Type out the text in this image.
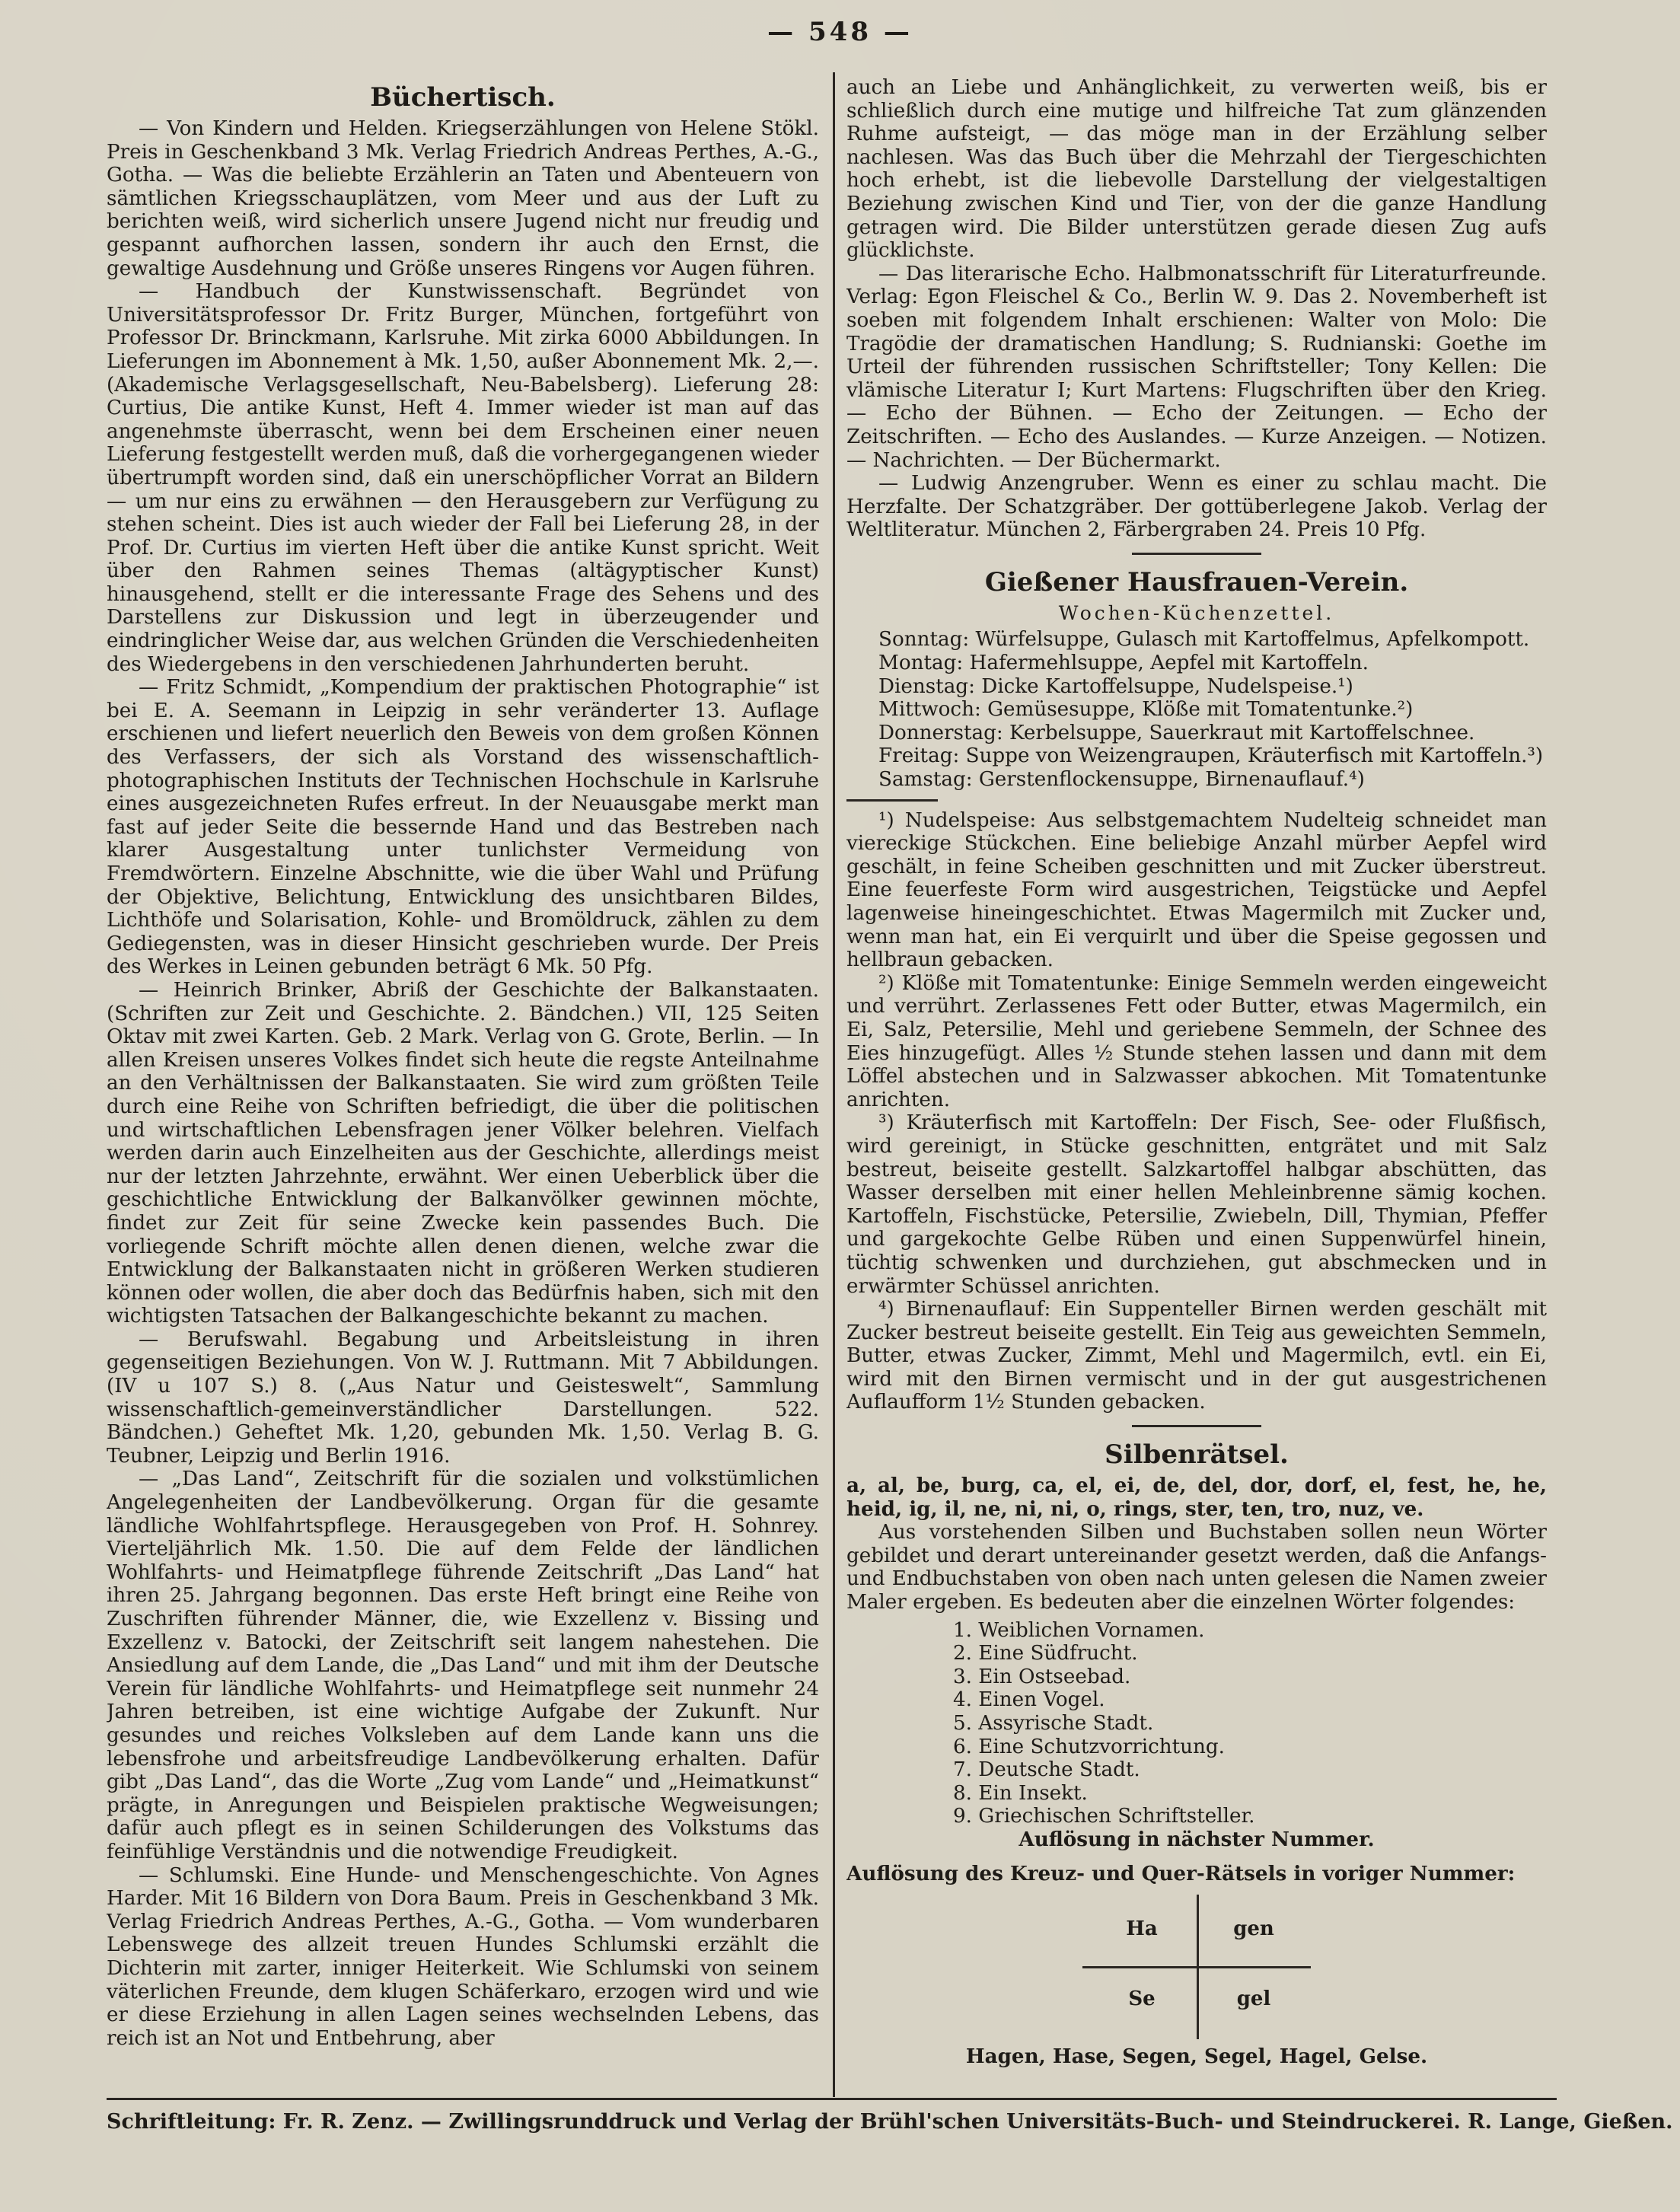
— 548 —
Büchertisch.

— Von Kindern und Helden. Kriegserzählungen von Helene Stökl. Preis in Geschenkband 3 Mk. Verlag Friedrich Andreas Perthes, A.-G., Gotha. — Was die beliebte Erzählerin an Taten und Abenteuern von sämtlichen Kriegsschauplätzen, vom Meer und aus der Luft zu berichten weiß, wird sicherlich unsere Jugend nicht nur freudig und gespannt aufhorchen lassen, sondern ihr auch den Ernst, die gewaltige Ausdehnung und Größe unseres Ringens vor Augen führen.

— Handbuch der Kunstwissenschaft. Begründet von Universitätsprofessor Dr. Fritz Burger, München, fortgeführt von Professor Dr. Brinckmann, Karlsruhe. Mit zirka 6000 Abbildungen. In Lieferungen im Abonnement à Mk. 1,50, außer Abonnement Mk. 2,—. (Akademische Verlagsgesellschaft, Neu-Babelsberg). Lieferung 28: Curtius, Die antike Kunst, Heft 4. Immer wieder ist man auf das angenehmste überrascht, wenn bei dem Erscheinen einer neuen Lieferung festgestellt werden muß, daß die vorhergegangenen wieder übertrumpft worden sind, daß ein unerschöpflicher Vorrat an Bildern — um nur eins zu erwähnen — den Herausgebern zur Verfügung zu stehen scheint. Dies ist auch wieder der Fall bei Lieferung 28, in der Prof. Dr. Curtius im vierten Heft über die antike Kunst spricht. Weit über den Rahmen seines Themas (altägyptischer Kunst) hinausgehend, stellt er die interessante Frage des Sehens und des Darstellens zur Diskussion und legt in überzeugender und eindringlicher Weise dar, aus welchen Gründen die Verschiedenheiten des Wiedergebens in den verschiedenen Jahrhunderten beruht.

— Fritz Schmidt, „Kompendium der praktischen Photographie“ ist bei E. A. Seemann in Leipzig in sehr veränderter 13. Auflage erschienen und liefert neuerlich den Beweis von dem großen Können des Verfassers, der sich als Vorstand des wissenschaftlich-photographischen Instituts der Technischen Hochschule in Karlsruhe eines ausgezeichneten Rufes erfreut. In der Neuausgabe merkt man fast auf jeder Seite die bessernde Hand und das Bestreben nach klarer Ausgestaltung unter tunlichster Vermeidung von Fremdwörtern. Einzelne Abschnitte, wie die über Wahl und Prüfung der Objektive, Belichtung, Entwicklung des unsichtbaren Bildes, Lichthöfe und Solarisation, Kohle- und Bromöldruck, zählen zu dem Gediegensten, was in dieser Hinsicht geschrieben wurde. Der Preis des Werkes in Leinen gebunden beträgt 6 Mk. 50 Pfg.

— Heinrich Brinker, Abriß der Geschichte der Balkanstaaten. (Schriften zur Zeit und Geschichte. 2. Bändchen.) VII, 125 Seiten Oktav mit zwei Karten. Geb. 2 Mark. Verlag von G. Grote, Berlin. — In allen Kreisen unseres Volkes findet sich heute die regste Anteilnahme an den Verhältnissen der Balkanstaaten. Sie wird zum größten Teile durch eine Reihe von Schriften befriedigt, die über die politischen und wirtschaftlichen Lebensfragen jener Völker belehren. Vielfach werden darin auch Einzelheiten aus der Geschichte, allerdings meist nur der letzten Jahrzehnte, erwähnt. Wer einen Ueberblick über die geschichtliche Entwicklung der Balkanvölker gewinnen möchte, findet zur Zeit für seine Zwecke kein passendes Buch. Die vorliegende Schrift möchte allen denen dienen, welche zwar die Entwicklung der Balkanstaaten nicht in größeren Werken studieren können oder wollen, die aber doch das Bedürfnis haben, sich mit den wichtigsten Tatsachen der Balkangeschichte bekannt zu machen.

— Berufswahl. Begabung und Arbeitsleistung in ihren gegenseitigen Beziehungen. Von W. J. Ruttmann. Mit 7 Abbildungen. (IV u 107 S.) 8. („Aus Natur und Geisteswelt“, Sammlung wissenschaftlich-gemeinverständlicher Darstellungen. 522. Bändchen.) Geheftet Mk. 1,20, gebunden Mk. 1,50. Verlag B. G. Teubner, Leipzig und Berlin 1916.

— „Das Land“, Zeitschrift für die sozialen und volkstümlichen Angelegenheiten der Landbevölkerung. Organ für die gesamte ländliche Wohlfahrtspflege. Herausgegeben von Prof. H. Sohnrey. Vierteljährlich Mk. 1.50. Die auf dem Felde der ländlichen Wohlfahrts- und Heimatpflege führende Zeitschrift „Das Land“ hat ihren 25. Jahrgang begonnen. Das erste Heft bringt eine Reihe von Zuschriften führender Männer, die, wie Exzellenz v. Bissing und Exzellenz v. Batocki, der Zeitschrift seit langem nahestehen. Die Ansiedlung auf dem Lande, die „Das Land“ und mit ihm der Deutsche Verein für ländliche Wohlfahrts- und Heimatpflege seit nunmehr 24 Jahren betreiben, ist eine wichtige Aufgabe der Zukunft. Nur gesundes und reiches Volksleben auf dem Lande kann uns die lebensfrohe und arbeitsfreudige Landbevölkerung erhalten. Dafür gibt „Das Land“, das die Worte „Zug vom Lande“ und „Heimatkunst“ prägte, in Anregungen und Beispielen praktische Wegweisungen; dafür auch pflegt es in seinen Schilderungen des Volkstums das feinfühlige Verständnis und die notwendige Freudigkeit.

— Schlumski. Eine Hunde- und Menschengeschichte. Von Agnes Harder. Mit 16 Bildern von Dora Baum. Preis in Geschenkband 3 Mk. Verlag Friedrich Andreas Perthes, A.-G., Gotha. — Vom wunderbaren Lebenswege des allzeit treuen Hundes Schlumski erzählt die Dichterin mit zarter, inniger Heiterkeit. Wie Schlumski von seinem väterlichen Freunde, dem klugen Schäferkaro, erzogen wird und wie er diese Erziehung in allen Lagen seines wechselnden Lebens, das reich ist an Not und Entbehrung, aber

auch an Liebe und Anhänglichkeit, zu verwerten weiß, bis er schließlich durch eine mutige und hilfreiche Tat zum glänzenden Ruhme aufsteigt, — das möge man in der Erzählung selber nachlesen. Was das Buch über die Mehrzahl der Tiergeschichten hoch erhebt, ist die liebevolle Darstellung der vielgestaltigen Beziehung zwischen Kind und Tier, von der die ganze Handlung getragen wird. Die Bilder unterstützen gerade diesen Zug aufs glücklichste.

— Das literarische Echo. Halbmonatsschrift für Literaturfreunde. Verlag: Egon Fleischel & Co., Berlin W. 9. Das 2. Novemberheft ist soeben mit folgendem Inhalt erschienen: Walter von Molo: Die Tragödie der dramatischen Handlung; S. Rudnianski: Goethe im Urteil der führenden russischen Schriftsteller; Tony Kellen: Die vlämische Literatur I; Kurt Martens: Flugschriften über den Krieg. — Echo der Bühnen. — Echo der Zeitungen. — Echo der Zeitschriften. — Echo des Auslandes. — Kurze Anzeigen. — Notizen. — Nachrichten. — Der Büchermarkt.

— Ludwig Anzengruber. Wenn es einer zu schlau macht. Die Herzfalte. Der Schatzgräber. Der gottüberlegene Jakob. Verlag der Weltliteratur. München 2, Färbergraben 24. Preis 10 Pfg.

Gießener Hausfrauen-Verein.
Wochen-Küchenzettel.

Sonntag: Würfelsuppe, Gulasch mit Kartoffelmus, Apfelkompott.

Montag: Hafermehlsuppe, Aepfel mit Kartoffeln.

Dienstag: Dicke Kartoffelsuppe, Nudelspeise.¹)

Mittwoch: Gemüsesuppe, Klöße mit Tomatentunke.²)

Donnerstag: Kerbelsuppe, Sauerkraut mit Kartoffelschnee.

Freitag: Suppe von Weizengraupen, Kräuterfisch mit Kartoffeln.³)

Samstag: Gerstenflockensuppe, Birnenauflauf.⁴)

¹) Nudelspeise: Aus selbstgemachtem Nudelteig schneidet man viereckige Stückchen. Eine beliebige Anzahl mürber Aepfel wird geschält, in feine Scheiben geschnitten und mit Zucker überstreut. Eine feuerfeste Form wird ausgestrichen, Teigstücke und Aepfel lagenweise hineingeschichtet. Etwas Magermilch mit Zucker und, wenn man hat, ein Ei verquirlt und über die Speise gegossen und hellbraun gebacken.

²) Klöße mit Tomatentunke: Einige Semmeln werden eingeweicht und verrührt. Zerlassenes Fett oder Butter, etwas Magermilch, ein Ei, Salz, Petersilie, Mehl und geriebene Semmeln, der Schnee des Eies hinzugefügt. Alles ½ Stunde stehen lassen und dann mit dem Löffel abstechen und in Salzwasser abkochen. Mit Tomatentunke anrichten.

³) Kräuterfisch mit Kartoffeln: Der Fisch, See- oder Flußfisch, wird gereinigt, in Stücke geschnitten, entgrätet und mit Salz bestreut, beiseite gestellt. Salzkartoffel halbgar abschütten, das Wasser derselben mit einer hellen Mehleinbrenne sämig kochen. Kartoffeln, Fischstücke, Petersilie, Zwiebeln, Dill, Thymian, Pfeffer und gargekochte Gelbe Rüben und einen Suppenwürfel hinein, tüchtig schwenken und durchziehen, gut abschmecken und in erwärmter Schüssel anrichten.

⁴) Birnenauflauf: Ein Suppenteller Birnen werden geschält mit Zucker bestreut beiseite gestellt. Ein Teig aus geweichten Semmeln, Butter, etwas Zucker, Zimmt, Mehl und Magermilch, evtl. ein Ei, wird mit den Birnen vermischt und in der gut ausgestrichenen Auflaufform 1½ Stunden gebacken.

Silbenrätsel.

a, al, be, burg, ca, el, ei, de, del, dor, dorf, el, fest, he, he, heid, ig, il, ne, ni, ni, o, rings, ster, ten, tro, nuz, ve.

Aus vorstehenden Silben und Buchstaben sollen neun Wörter gebildet und derart untereinander gesetzt werden, daß die Anfangs- und Endbuchstaben von oben nach unten gelesen die Namen zweier Maler ergeben. Es bedeuten aber die einzelnen Wörter folgendes:

1. Weiblichen Vornamen.
2. Eine Südfrucht.
3. Ein Ostseebad.
4. Einen Vogel.
5. Assyrische Stadt.
6. Eine Schutzvorrichtung.
7. Deutsche Stadt.
8. Ein Insekt.
9. Griechischen Schriftsteller.

Auflösung in nächster Nummer.

Auflösung des Kreuz- und Quer-Rätsels in voriger Nummer:

Ha	gen
Se	gel

Hagen, Hase, Segen, Segel, Hagel, Gelse.

Schriftleitung: Fr. R. Zenz. — Zwillingsrunddruck und Verlag der Brühl'schen Universitäts-Buch- und Steindruckerei. R. Lange, Gießen.
